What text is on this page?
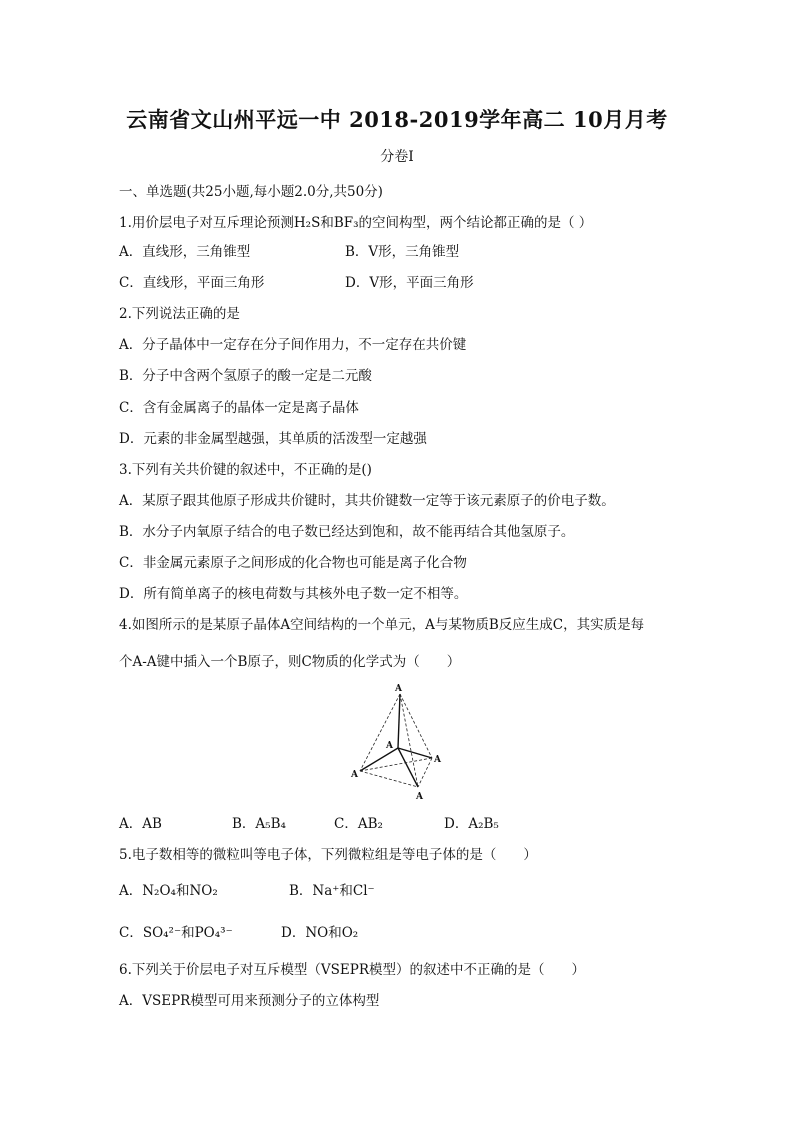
云南省文山州平远一中 2018-2019学年高二 10月月考
分卷I
一、单选题(共25小题,每小题2.0分,共50分)
1.用价层电子对互斥理论预测H₂S和BF₃的空间构型，两个结论都正确的是（ ）
A．直线形，三角锥型	B．V形，三角锥型
C．直线形，平面三角形	D．V形，平面三角形
2.下列说法正确的是
A．分子晶体中一定存在分子间作用力，不一定存在共价键
B．分子中含两个氢原子的酸一定是二元酸
C．含有金属离子的晶体一定是离子晶体
D．元素的非金属型越强，其单质的活泼型一定越强
3.下列有关共价键的叙述中，不正确的是()
A．某原子跟其他原子形成共价键时，其共价键数一定等于该元素原子的价电子数。
B．水分子内氧原子结合的电子数已经达到饱和，故不能再结合其他氢原子。
C．非金属元素原子之间形成的化合物也可能是离子化合物
D．所有简单离子的核电荷数与其核外电子数一定不相等。
4.如图所示的是某原子晶体A空间结构的一个单元，A与某物质B反应生成C，其实质是每
个A-A键中插入一个B原子，则C物质的化学式为（　　）
A
A
A
A
A
A．AB	B．A₅B₄	C．AB₂	D．A₂B₅
5.电子数相等的微粒叫等电子体，下列微粒组是等电子体的是（　　）
A．N₂O₄和NO₂	B．Na⁺和Cl⁻
C．SO₄²⁻和PO₄³⁻	D．NO和O₂
6.下列关于价层电子对互斥模型（VSEPR模型）的叙述中不正确的是（　　）
A．VSEPR模型可用来预测分子的立体构型
